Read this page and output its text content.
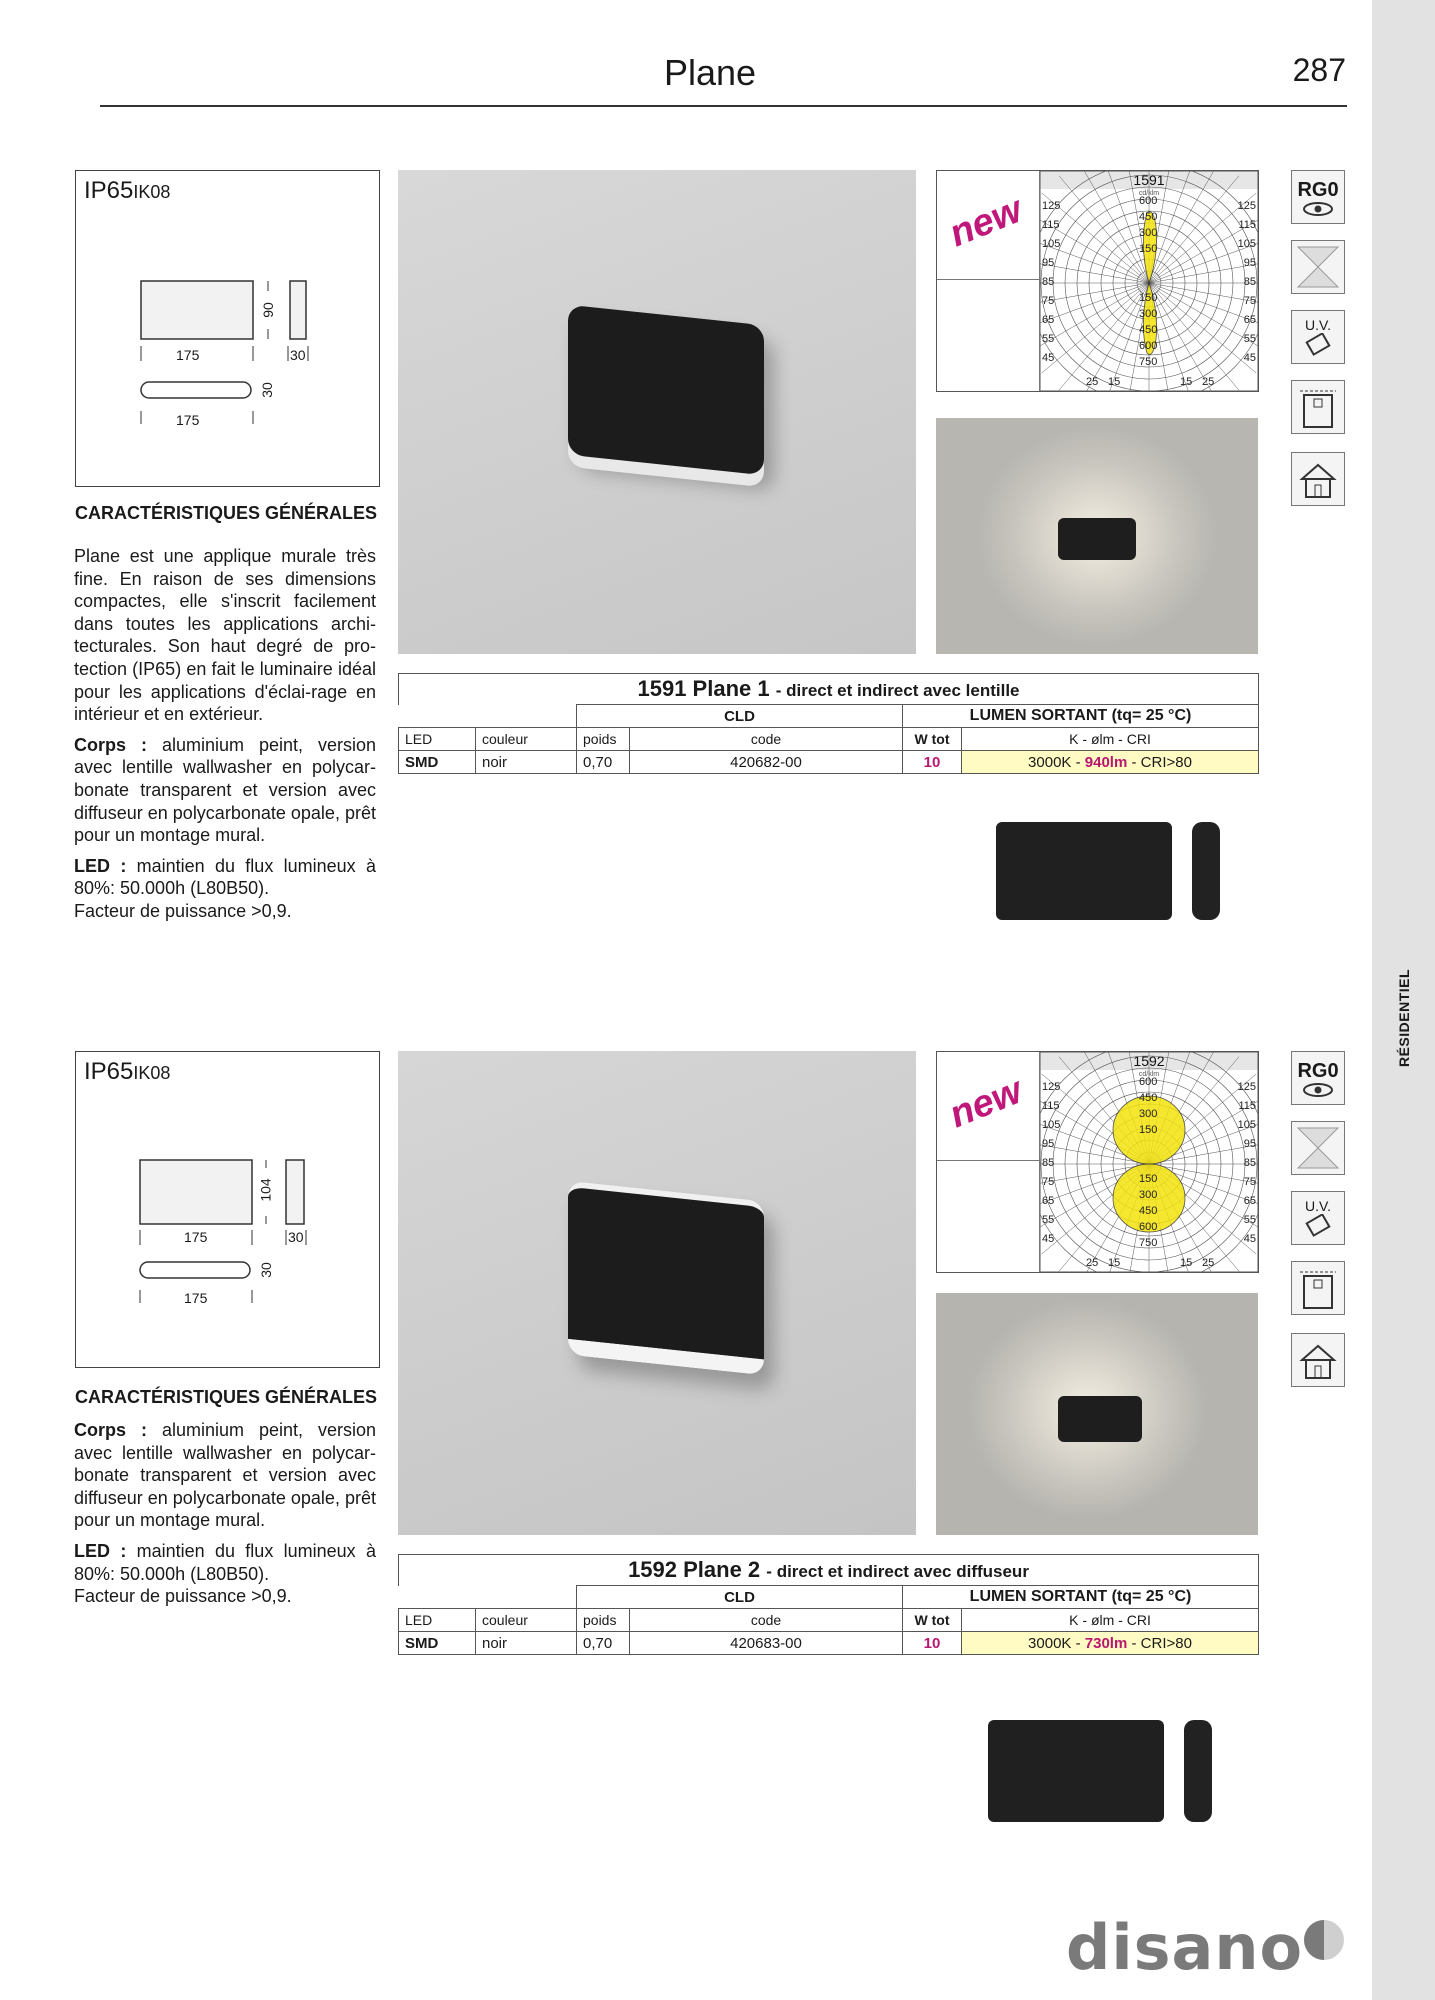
Plane	287
RÉSIDENTIEL
IP65IK08
175
90
30
30
175
CARACTÉRISTIQUES GÉNÉRALES

Plane est une applique murale très fine. En raison de ses dimensions compactes, elle s'inscrit facilement dans toutes les applications archi-tecturales. Son haut degré de pro-tection (IP65) en fait le luminaire idéal pour les applications d'éclai-rage en intérieur et en extérieur.

Corps : aluminium peint, version avec lentille wallwasher en polycar-bonate transparent et version avec diffuseur en polycarbonate opale, prêt pour un montage mural.

LED : maintien du flux lumineux à 80%: 50.000h (L80B50).

Facteur de puissance >0,9.
new
1591
cd/klm
600
450
300
150
150
300
450
600
750
125
115
105
95
85
75
65
55
45
125
115
105
95
85
75
65
55
45
25 15	15 25
RG0
U.V.
1591 Plane 1 - direct et indirect avec lentille					
		CLD		LUMEN SORTANT (tq= 25 °C)	
LED	couleur	poids	code	W tot	K - ølm - CRI
SMD	noir	0,70	420682-00	10	3000K - 940lm - CRI>80
IP65IK08
175
104
30
30
175
CARACTÉRISTIQUES GÉNÉRALES

Corps : aluminium peint, version avec lentille wallwasher en polycar-bonate transparent et version avec diffuseur en polycarbonate opale, prêt pour un montage mural.

LED : maintien du flux lumineux à 80%: 50.000h (L80B50).

Facteur de puissance >0,9.
new
1592
cd/klm
600
450
300
150
150
300
450
600
750
125
115
105
95
85
75
65
55
45
125
115
105
95
85
75
65
55
45
25 15	15 25
RG0
U.V.
1592 Plane 2 - direct et indirect avec diffuseur					
		CLD		LUMEN SORTANT (tq= 25 °C)	
LED	couleur	poids	code	W tot	K - ølm - CRI
SMD	noir	0,70	420683-00	10	3000K - 730lm - CRI>80
disano
